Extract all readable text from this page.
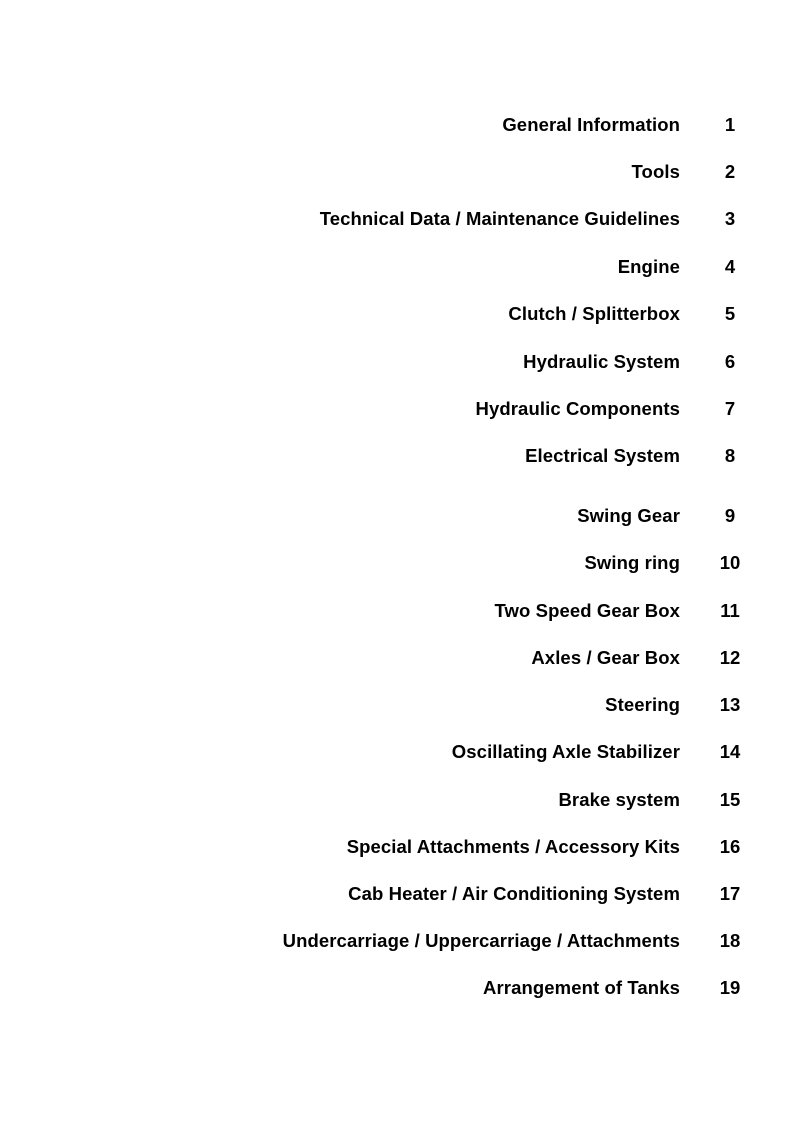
General Information	1
Tools	2
Technical Data / Maintenance Guidelines	3
Engine	4
Clutch / Splitterbox	5
Hydraulic System	6
Hydraulic Components	7
Electrical System	8
Swing Gear	9
Swing ring	10
Two Speed Gear Box	11
Axles / Gear Box	12
Steering	13
Oscillating Axle Stabilizer	14
Brake system	15
Special Attachments / Accessory Kits	16
Cab Heater / Air Conditioning System	17
Undercarriage / Uppercarriage / Attachments	18
Arrangement of Tanks	19
